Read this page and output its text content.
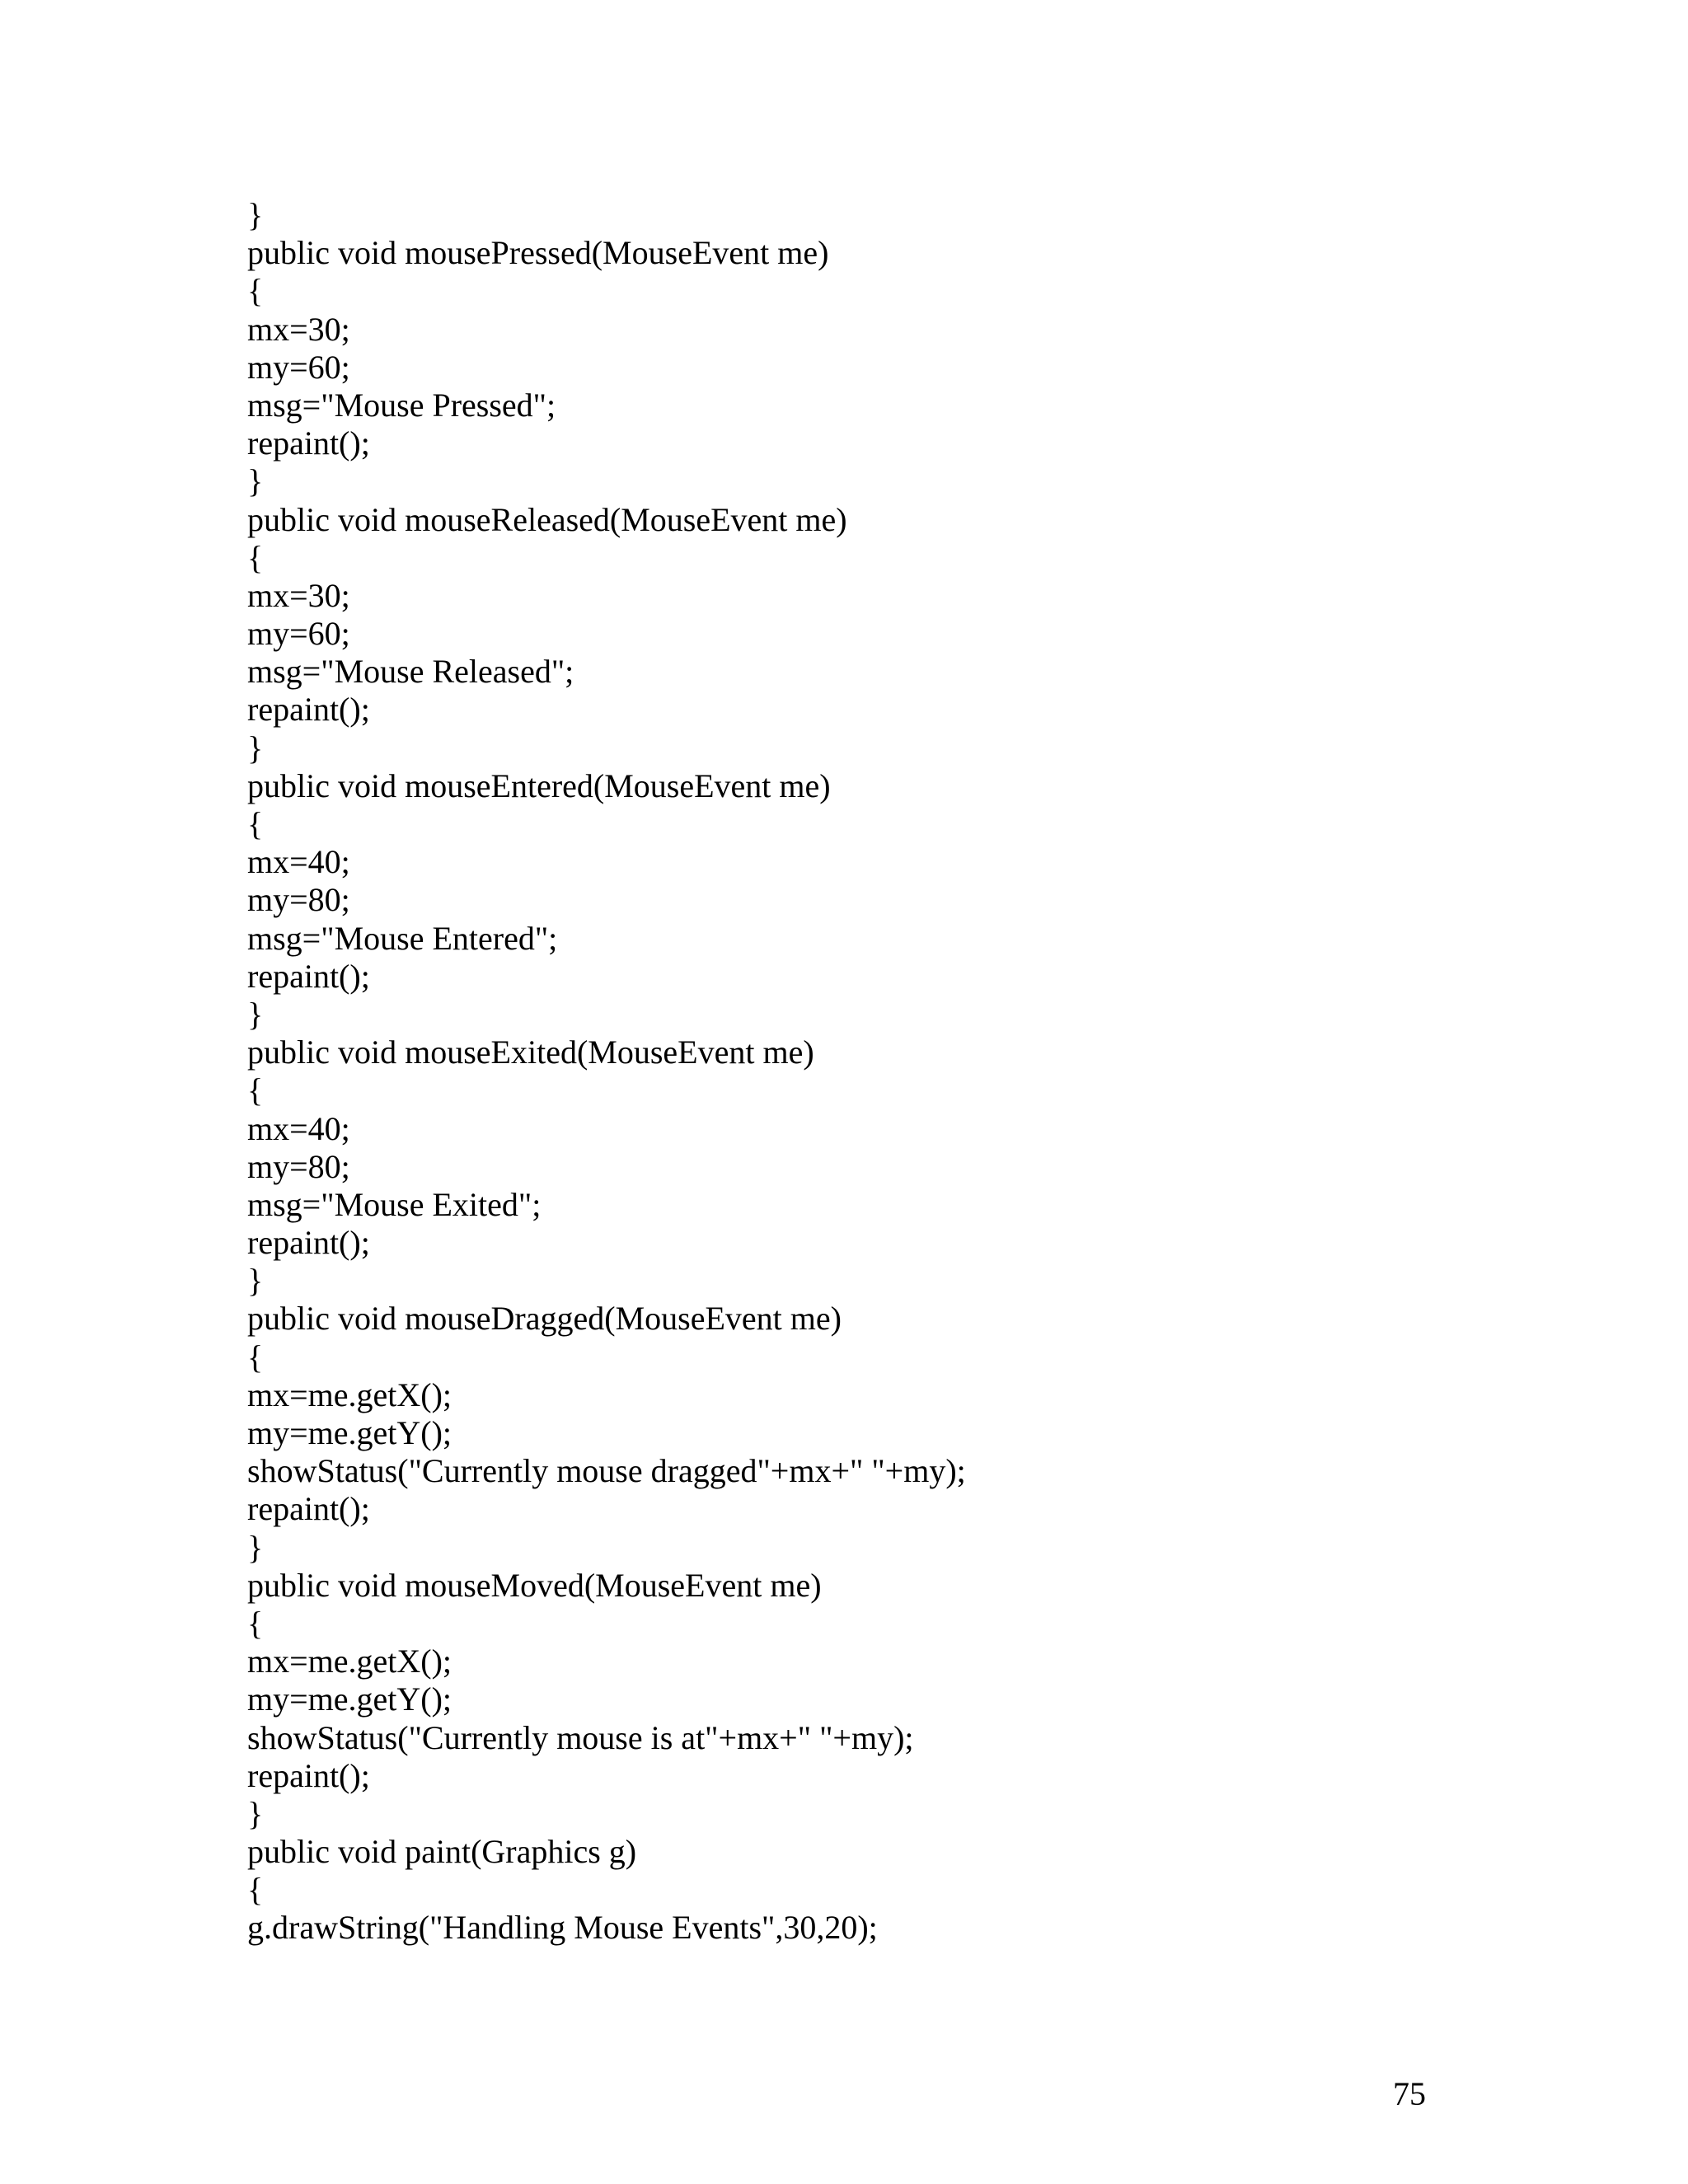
}
public void mousePressed(MouseEvent me)
{
mx=30;
my=60;
msg="Mouse Pressed";
repaint();
}
public void mouseReleased(MouseEvent me)
{
mx=30;
my=60;
msg="Mouse Released";
repaint();
}
public void mouseEntered(MouseEvent me)
{
mx=40;
my=80;
msg="Mouse Entered";
repaint();
}
public void mouseExited(MouseEvent me)
{
mx=40;
my=80;
msg="Mouse Exited";
repaint();
}
public void mouseDragged(MouseEvent me)
{
mx=me.getX();
my=me.getY();
showStatus("Currently mouse dragged"+mx+" "+my);
repaint();
}
public void mouseMoved(MouseEvent me)
{
mx=me.getX();
my=me.getY();
showStatus("Currently mouse is at"+mx+" "+my);
repaint();
}
public void paint(Graphics g)
{
g.drawString("Handling Mouse Events",30,20);
75
